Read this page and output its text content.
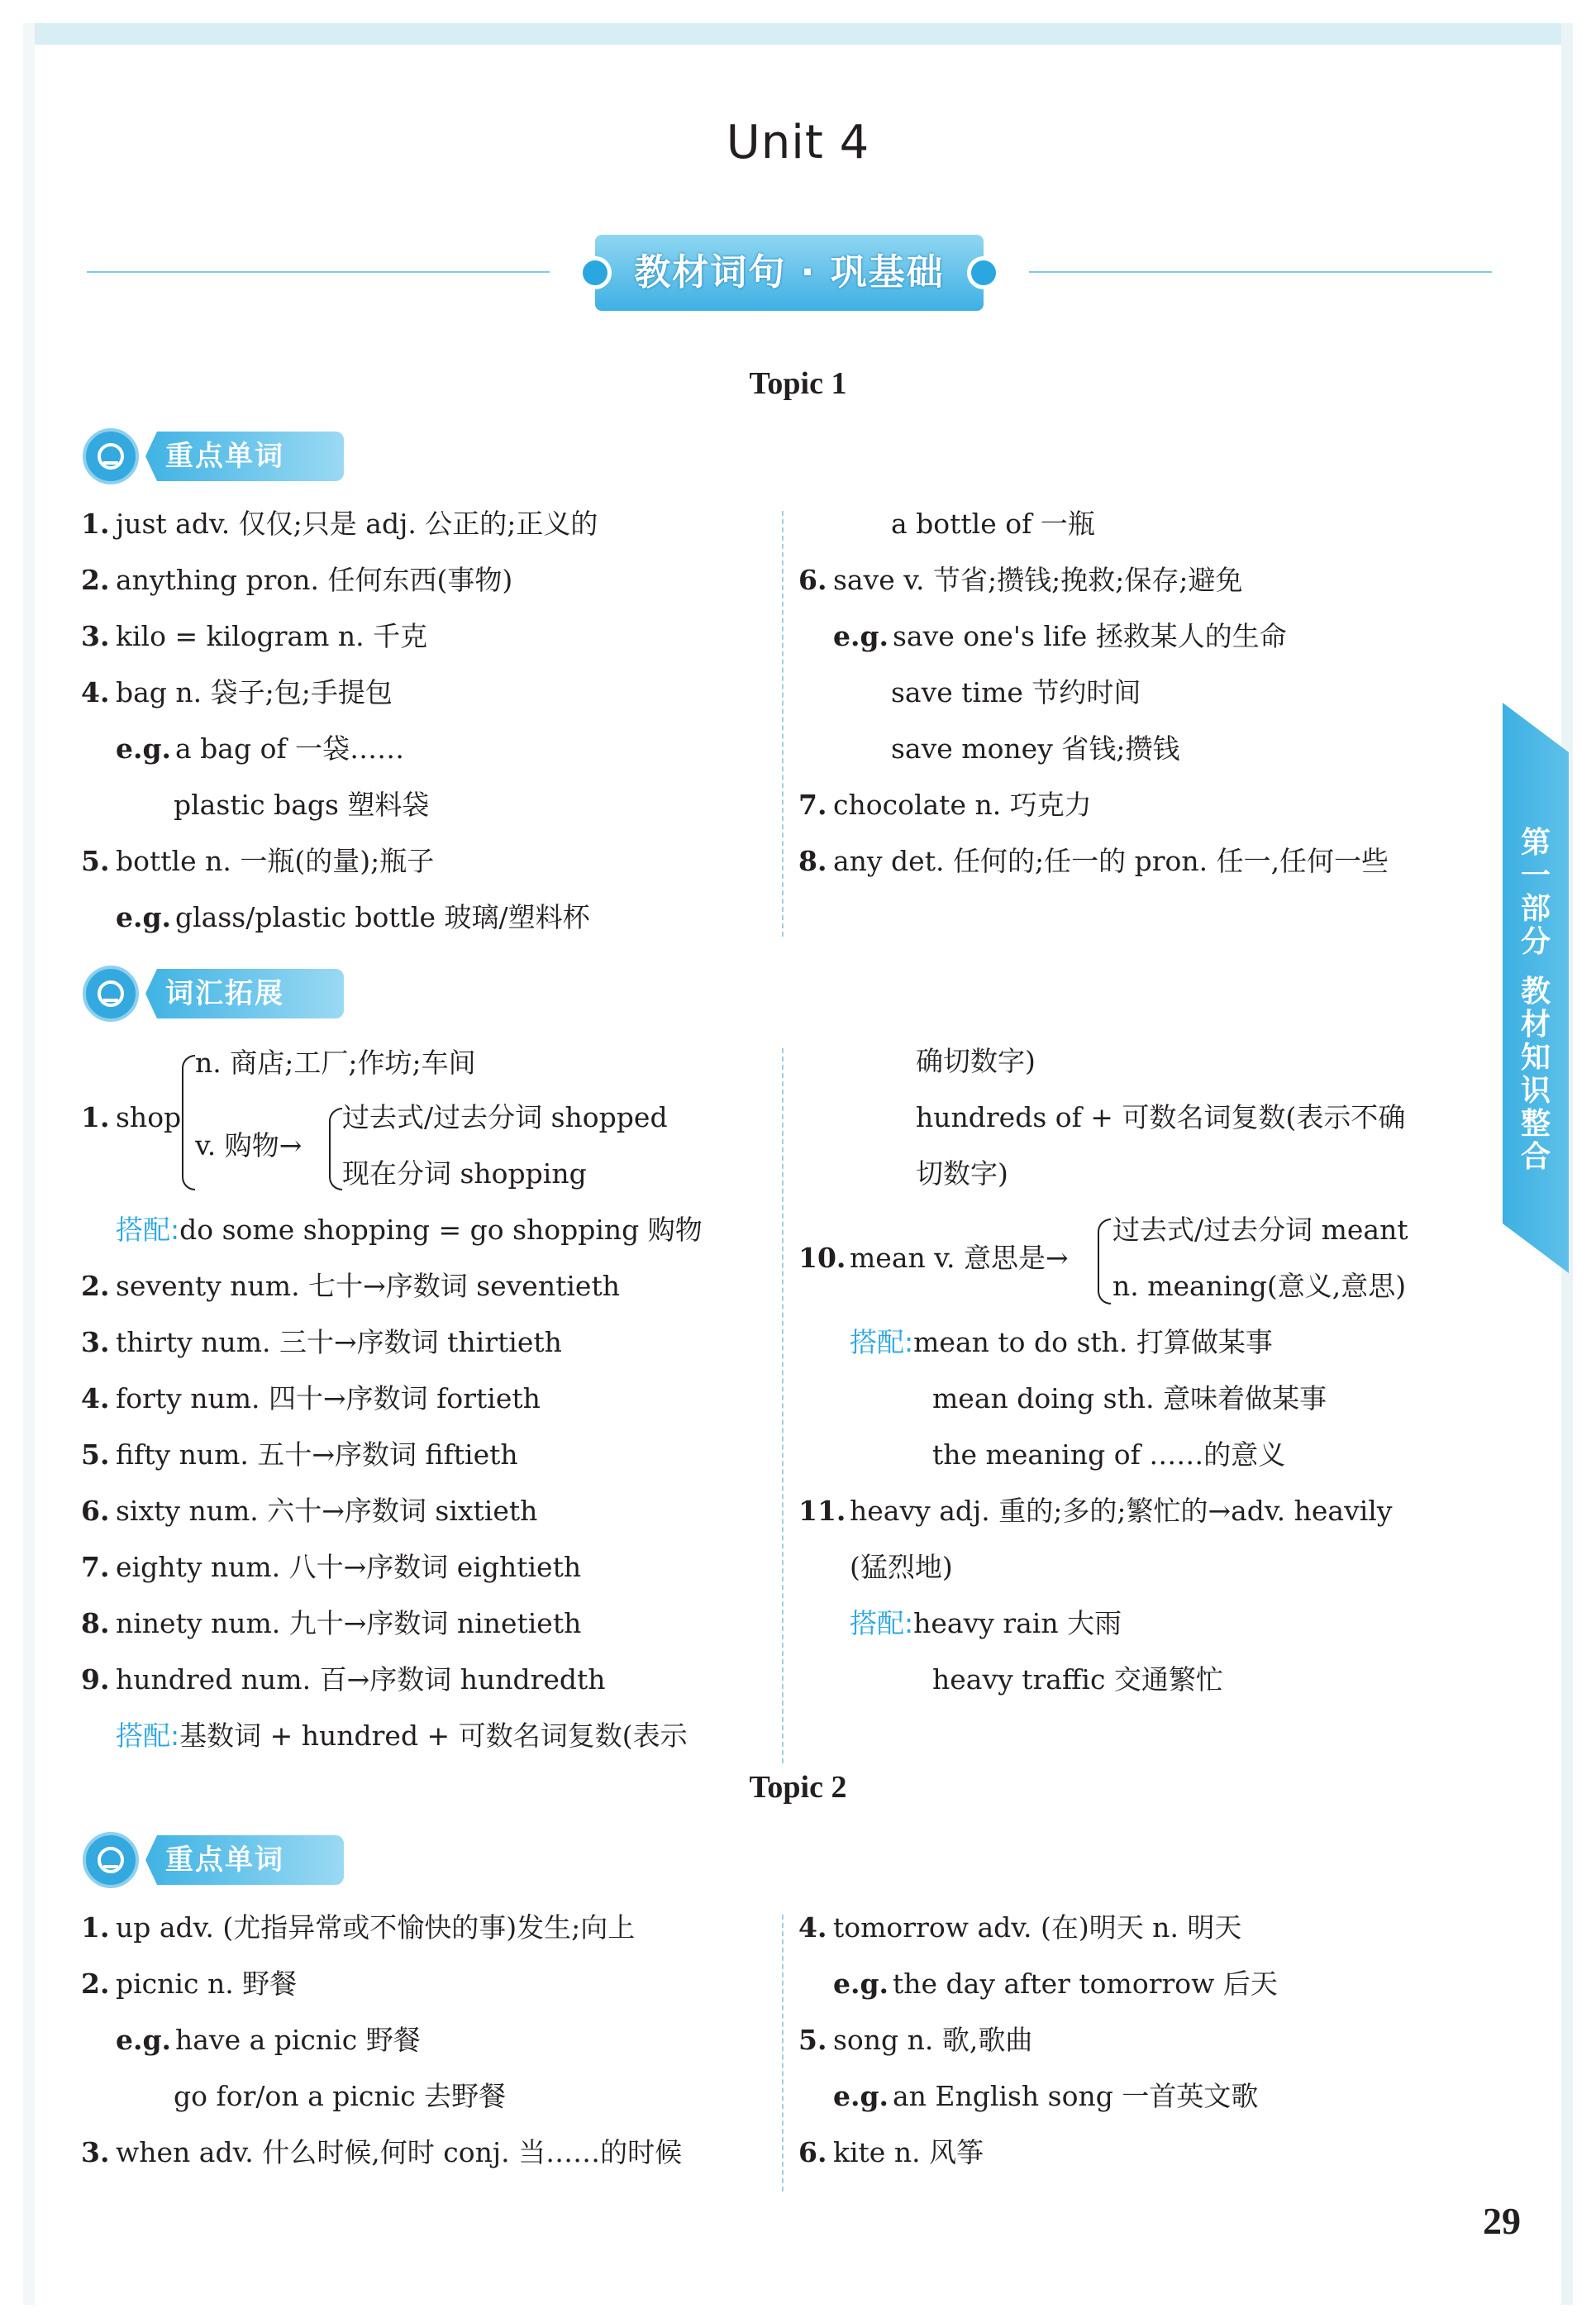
Unit 4
教材词句 · 巩基础
Topic 1
重点单词
1. just adv. 仅仅;只是 adj. 公正的;正义的
2. anything pron. 任何东西(事物)
3. kilo = kilogram n. 千克
4. bag n. 袋子;包;手提包
e.g. a bag of 一袋……
plastic bags 塑料袋
5. bottle n. 一瓶(的量);瓶子
e.g. glass/plastic bottle 玻璃/塑料杯
a bottle of 一瓶
6. save v. 节省;攒钱;挽救;保存;避免
e.g. save one's life 拯救某人的生命
save time 节约时间
save money 省钱;攒钱
7. chocolate n. 巧克力
8. any det. 任何的;任一的 pron. 任一,任何一些
词汇拓展
1. shop
n. 商店;工厂;作坊;车间
v. 购物→
过去式/过去分词 shopped
现在分词 shopping
搭配:do some shopping = go shopping 购物
2. seventy num. 七十→序数词 seventieth
3. thirty num. 三十→序数词 thirtieth
4. forty num. 四十→序数词 fortieth
5. fifty num. 五十→序数词 fiftieth
6. sixty num. 六十→序数词 sixtieth
7. eighty num. 八十→序数词 eightieth
8. ninety num. 九十→序数词 ninetieth
9. hundred num. 百→序数词 hundredth
搭配:基数词 + hundred + 可数名词复数(表示
确切数字)
hundreds of + 可数名词复数(表示不确
切数字)
10. mean v. 意思是→
过去式/过去分词 meant
n. meaning(意义,意思)
搭配:mean to do sth. 打算做某事
mean doing sth. 意味着做某事
the meaning of ……的意义
11. heavy adj. 重的;多的;繁忙的→adv. heavily
(猛烈地)
搭配:heavy rain 大雨
heavy traffic 交通繁忙
Topic 2
重点单词
1. up adv. (尤指异常或不愉快的事)发生;向上
2. picnic n. 野餐
e.g. have a picnic 野餐
go for/on a picnic 去野餐
3. when adv. 什么时候,何时 conj. 当……的时候
4. tomorrow adv. (在)明天 n. 明天
e.g. the day after tomorrow 后天
5. song n. 歌,歌曲
e.g. an English song 一首英文歌
6. kite n. 风筝
第
一
部
分
教
材
知
识
整
合
29
